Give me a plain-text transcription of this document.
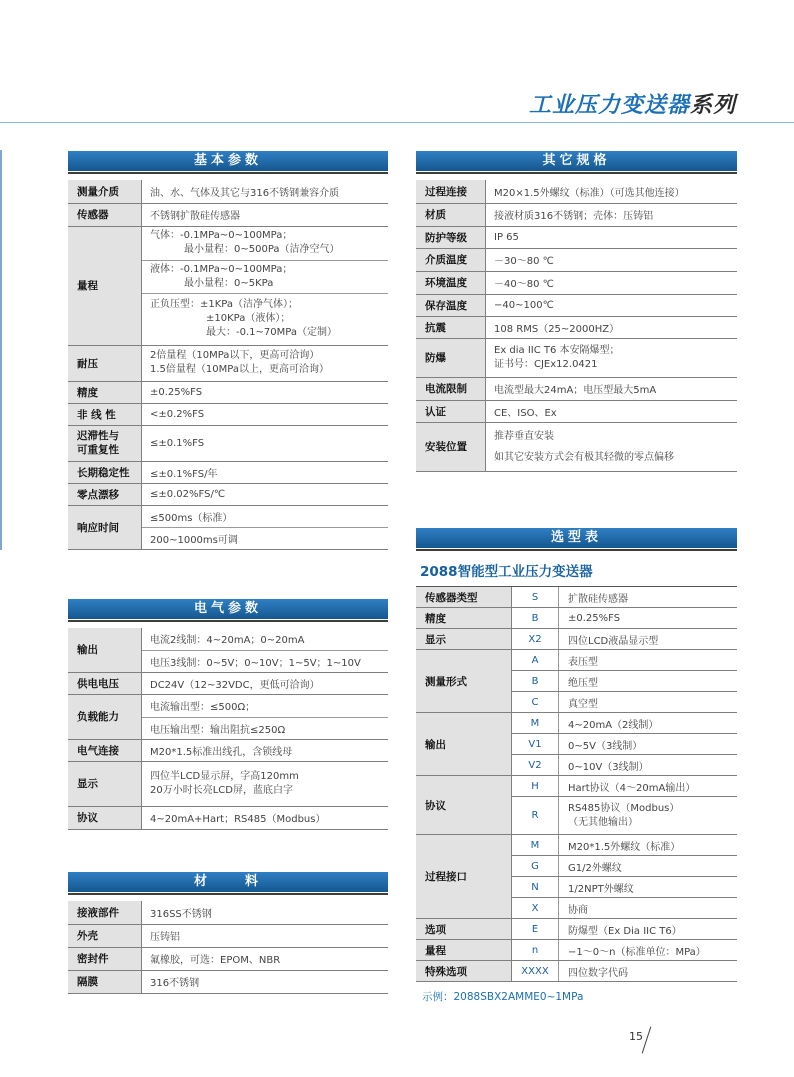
工业压力变送器系列
基本参数
测量介质	油、水、气体及其它与316不锈钢兼容介质
传感器	不锈钢扩散硅传感器
量程	气体：-0.1MPa~0~100MPa；
最小量程：0~500Pa（洁净空气）

	液体：-0.1MPa~0~100MPa；
最小量程：0~5KPa

	正负压型：±1KPa（洁净气体）；
±10KPa（液体）；
最大：-0.1~70MPa（定制）

耐压	2倍量程（10MPa以下，更高可洽询）
1.5倍量程（10MPa以上，更高可洽询）

精度	±0.25%FS
非 线 性	<±0.2%FS

迟滞性与
可重复性	≤±0.1%FS
长期稳定性	≤±0.1%FS/年
零点漂移	≤±0.02%FS/℃
响应时间	≤500ms（标准）
	200~1000ms可调
电气参数
输出	电流2线制：4~20mA；0~20mA
	电压3线制：0~5V；0~10V；1~5V；1~10V
供电电压	DC24V（12~32VDC，更低可洽询）
负载能力	电流输出型：≤500Ω；
	电压输出型：输出阻抗≤250Ω
电气连接	M20*1.5标准出线孔，含锁线母
显示	四位半LCD显示屏，字高120mm
20万小时长亮LCD屏，蓝底白字

协议	4~20mA+Hart；RS485（Modbus）
材　　料
接液部件	316SS不锈钢
外壳	压铸铝
密封件	氟橡胶，可选：EPOM、NBR
隔膜	316不锈钢
其它规格
过程连接	M20×1.5外螺纹（标准）（可选其他连接）
材质	接液材质316不锈钢；壳体：压铸铝
防护等级	IP 65
介质温度	－30～80 ℃
环境温度	－40～80 ℃
保存温度	−40~100℃
抗震	108 RMS（25~2000HZ）
防爆	Ex dia IIC T6 本安隔爆型；
证书号：CJEx12.0421

电流限制	电流型最大24mA；电压型最大5mA
认证	CE、ISO、Ex
安装位置	推荐垂直安装
如其它安装方式会有极其轻微的零点偏移
选型表
2088智能型工业压力变送器
传感器类型	S	扩散硅传感器
精度	B	±0.25%FS
显示	X2	四位LCD液晶显示型
测量形式	A	表压型
	B	绝压型
	C	真空型
输出	M	4~20mA（2线制）
	V1	0~5V（3线制）
	V2	0~10V（3线制）
协议	H	Hart协议（4～20mA输出）
	R	RS485协议（Modbus）
（无其他输出）

过程接口	M	M20*1.5外螺纹（标准）
	G	G1/2外螺纹
	N	1/2NPT外螺纹
	X	协商
选项	E	防爆型（Ex Dia IIC T6）
量程	n	−1～0～n（标准单位：MPa）
特殊选项	XXXX	四位数字代码
示例：2088SBX2AMME0~1MPa
15
